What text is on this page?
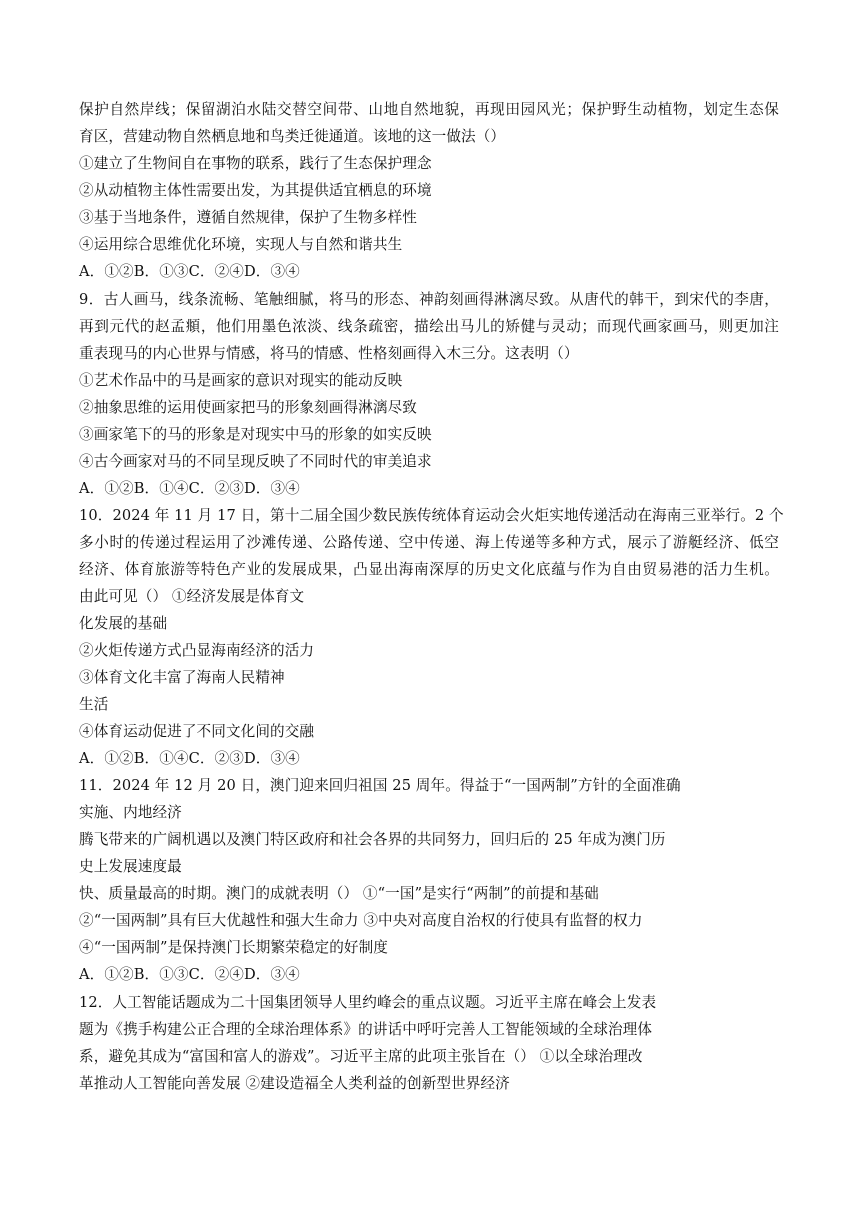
保护自然岸线；保留湖泊水陆交替空间带、山地自然地貌，再现田园风光；保护野生动植物，划定生态保
育区，营建动物自然栖息地和鸟类迁徙通道。该地的这一做法（）
①建立了生物间自在事物的联系，践行了生态保护理念
②从动植物主体性需要出发，为其提供适宜栖息的环境
③基于当地条件，遵循自然规律，保护了生物多样性
④运用综合思维优化环境，实现人与自然和谐共生
A．①②B．①③C．②④D．③④
9．古人画马，线条流畅、笔触细腻，将马的形态、神韵刻画得淋漓尽致。从唐代的韩干，到宋代的李唐，
再到元代的赵孟頫，他们用墨色浓淡、线条疏密，描绘出马儿的矫健与灵动；而现代画家画马，则更加注
重表现马的内心世界与情感，将马的情感、性格刻画得入木三分。这表明（）
①艺术作品中的马是画家的意识对现实的能动反映
②抽象思维的运用使画家把马的形象刻画得淋漓尽致
③画家笔下的马的形象是对现实中马的形象的如实反映
④古今画家对马的不同呈现反映了不同时代的审美追求
A．①②B．①④C．②③D．③④
10．2024 年 11 月 17 日，第十二届全国少数民族传统体育运动会火炬实地传递活动在海南三亚举行。2 个
多小时的传递过程运用了沙滩传递、公路传递、空中传递、海上传递等多种方式，展示了游艇经济、低空
经济、体育旅游等特色产业的发展成果，凸显出海南深厚的历史文化底蕴与作为自由贸易港的活力生机。
由此可见（） ①经济发展是体育文
化发展的基础
②火炬传递方式凸显海南经济的活力
③体育文化丰富了海南人民精神
生活
④体育运动促进了不同文化间的交融
A．①②B．①④C．②③D．③④
11．2024 年 12 月 20 日，澳门迎来回归祖国 25 周年。得益于“一国两制”方针的全面准确
实施、内地经济
腾飞带来的广阔机遇以及澳门特区政府和社会各界的共同努力，回归后的 25 年成为澳门历
史上发展速度最
快、质量最高的时期。澳门的成就表明（） ①“一国”是实行“两制”的前提和基础
②“一国两制”具有巨大优越性和强大生命力 ③中央对高度自治权的行使具有监督的权力
④“一国两制”是保持澳门长期繁荣稳定的好制度
A．①②B．①③C．②④D．③④
12．人工智能话题成为二十国集团领导人里约峰会的重点议题。习近平主席在峰会上发表
题为《携手构建公正合理的全球治理体系》的讲话中呼吁完善人工智能领域的全球治理体
系，避免其成为“富国和富人的游戏”。习近平主席的此项主张旨在（） ①以全球治理改
革推动人工智能向善发展 ②建设造福全人类利益的创新型世界经济
